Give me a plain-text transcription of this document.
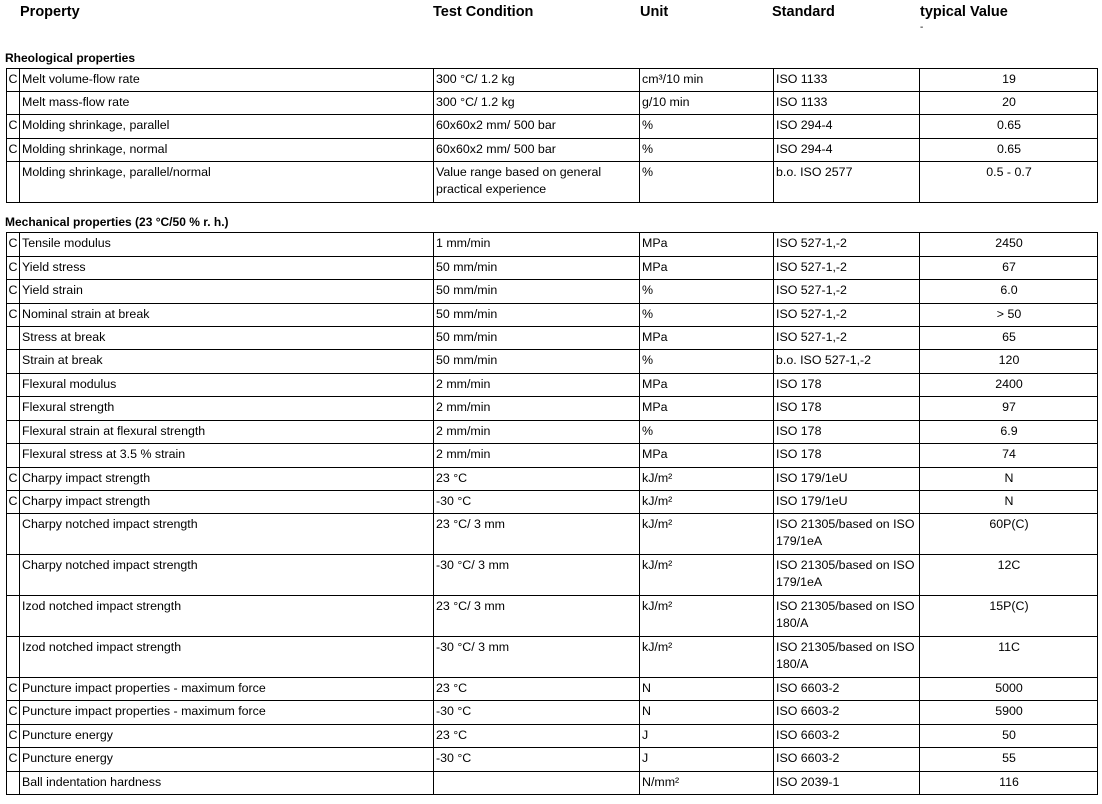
Property	Test Condition	Unit	Standard	typical Value
-
Rheological properties
C	Melt volume-flow rate	300 °C/ 1.2 kg	cm³/10 min	ISO 1133	19
	Melt mass-flow rate	300 °C/ 1.2 kg	g/10 min	ISO 1133	20
C	Molding shrinkage, parallel	60x60x2 mm/ 500 bar	%	ISO 294-4	0.65
C	Molding shrinkage, normal	60x60x2 mm/ 500 bar	%	ISO 294-4	0.65
	Molding shrinkage, parallel/normal	Value range based on general practical experience	%	b.o. ISO 2577	0.5 - 0.7
Mechanical properties (23 °C/50 % r. h.)
C	Tensile modulus	1 mm/min	MPa	ISO 527-1,-2	2450
C	Yield stress	50 mm/min	MPa	ISO 527-1,-2	67
C	Yield strain	50 mm/min	%	ISO 527-1,-2	6.0
C	Nominal strain at break	50 mm/min	%	ISO 527-1,-2	> 50
	Stress at break	50 mm/min	MPa	ISO 527-1,-2	65
	Strain at break	50 mm/min	%	b.o. ISO 527-1,-2	120
	Flexural modulus	2 mm/min	MPa	ISO 178	2400
	Flexural strength	2 mm/min	MPa	ISO 178	97
	Flexural strain at flexural strength	2 mm/min	%	ISO 178	6.9
	Flexural stress at 3.5 % strain	2 mm/min	MPa	ISO 178	74
C	Charpy impact strength	23 °C	kJ/m²	ISO 179/1eU	N
C	Charpy impact strength	-30 °C	kJ/m²	ISO 179/1eU	N
	Charpy notched impact strength	23 °C/ 3 mm	kJ/m²	ISO 21305/based on ISO 179/1eA	60P(C)
	Charpy notched impact strength	-30 °C/ 3 mm	kJ/m²	ISO 21305/based on ISO 179/1eA	12C
	Izod notched impact strength	23 °C/ 3 mm	kJ/m²	ISO 21305/based on ISO 180/A	15P(C)
	Izod notched impact strength	-30 °C/ 3 mm	kJ/m²	ISO 21305/based on ISO 180/A	11C
C	Puncture impact properties - maximum force	23 °C	N	ISO 6603-2	5000
C	Puncture impact properties - maximum force	-30 °C	N	ISO 6603-2	5900
C	Puncture energy	23 °C	J	ISO 6603-2	50
C	Puncture energy	-30 °C	J	ISO 6603-2	55
	Ball indentation hardness		N/mm²	ISO 2039-1	116
